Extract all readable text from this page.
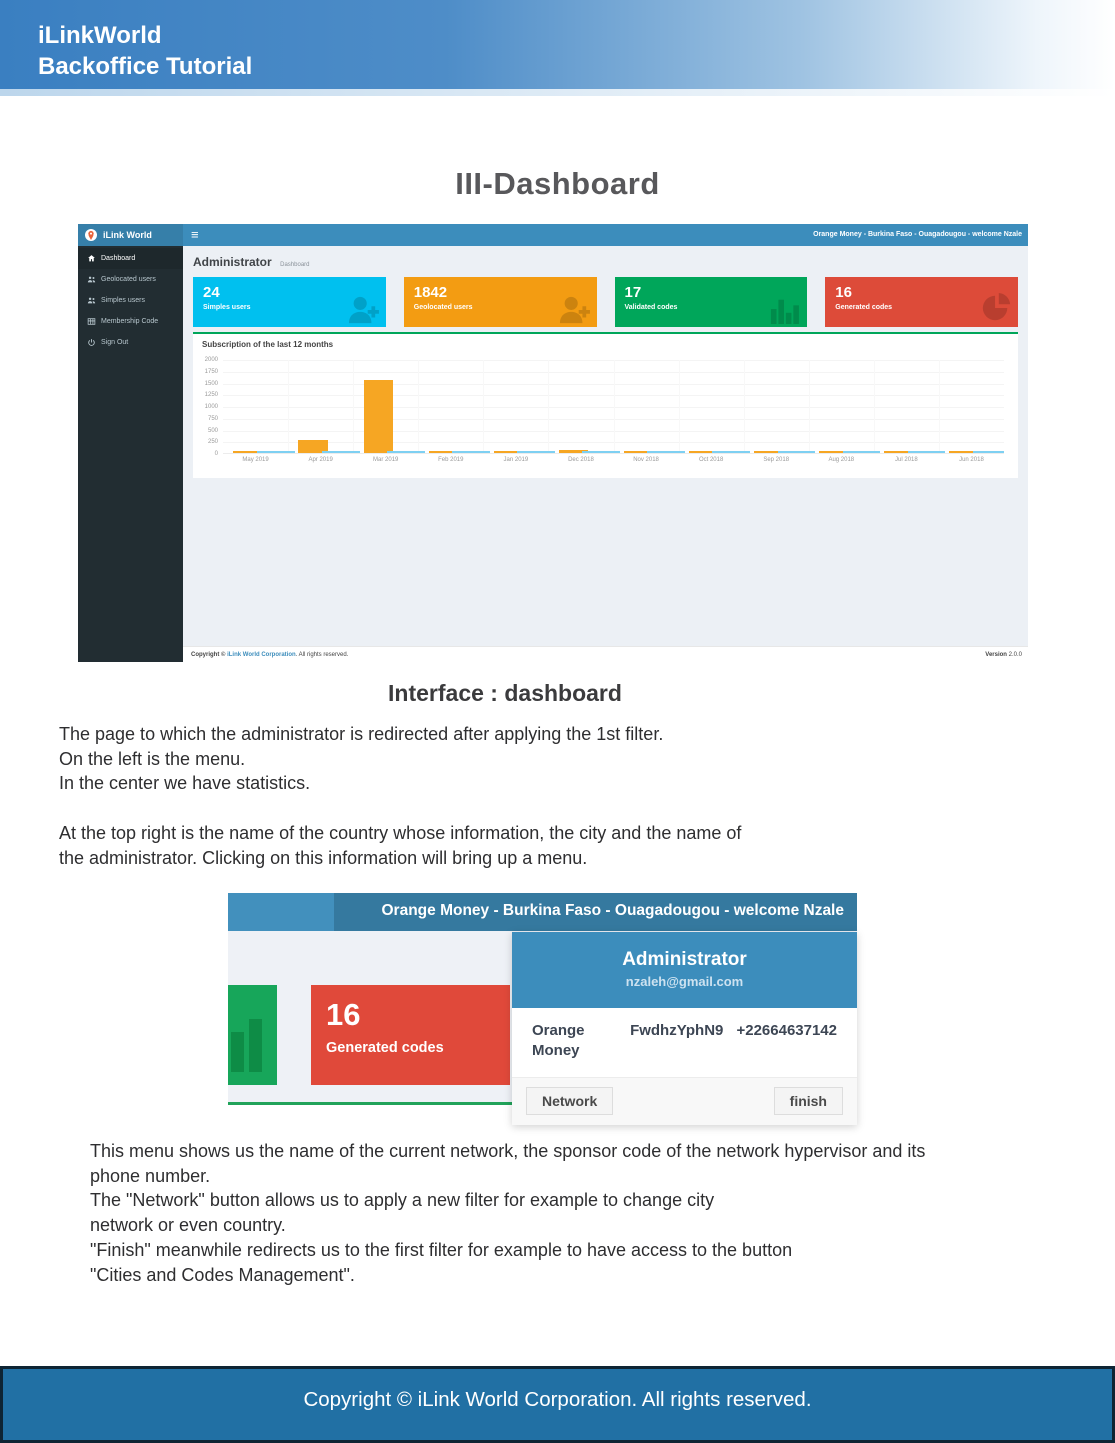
iLinkWorld
Backoffice Tutorial
III-Dashboard
iLink World	≡	Orange Money - Burkina Faso - Ouagadougou - welcome Nzale
Dashboard
Geolocated users
Simples users
Membership Code
Sign Out
Administrator Dashboard
24
Simples users
1842
Geolocated users
17
Validated codes
16
Generated codes
Subscription of the last 12 months
0
250
500
750
1000
1250
1500
1750
2000
May 2019	Apr 2019	Mar 2019	Feb 2019	Jan 2019	Dec 2018	Nov 2018	Oct 2018	Sep 2018	Aug 2018	Jul 2018	Jun 2018
Copyright © iLink World Corporation. All rights reserved.	Version 2.0.0
Interface : dashboard
The page to which the administrator is redirected after applying the 1st filter.
On the left is the menu.
In the center we have statistics.
At the top right is the name of the country whose information, the city and the name of
the administrator. Clicking on this information will bring up a menu.
16
Generated codes
Orange Money - Burkina Faso - Ouagadougou - welcome Nzale
Administrator
nzaleh@gmail.com
Orange Money
FwdhzYphN9 +22664637142
Network	finish
This menu shows us the name of the current network, the sponsor code of the network hypervisor and its
phone number.
The "Network" button allows us to apply a new filter for example to change city
network or even country.
"Finish" meanwhile redirects us to the first filter for example to have access to the button
"Cities and Codes Management".
Copyright © iLink World Corporation. All rights reserved.
